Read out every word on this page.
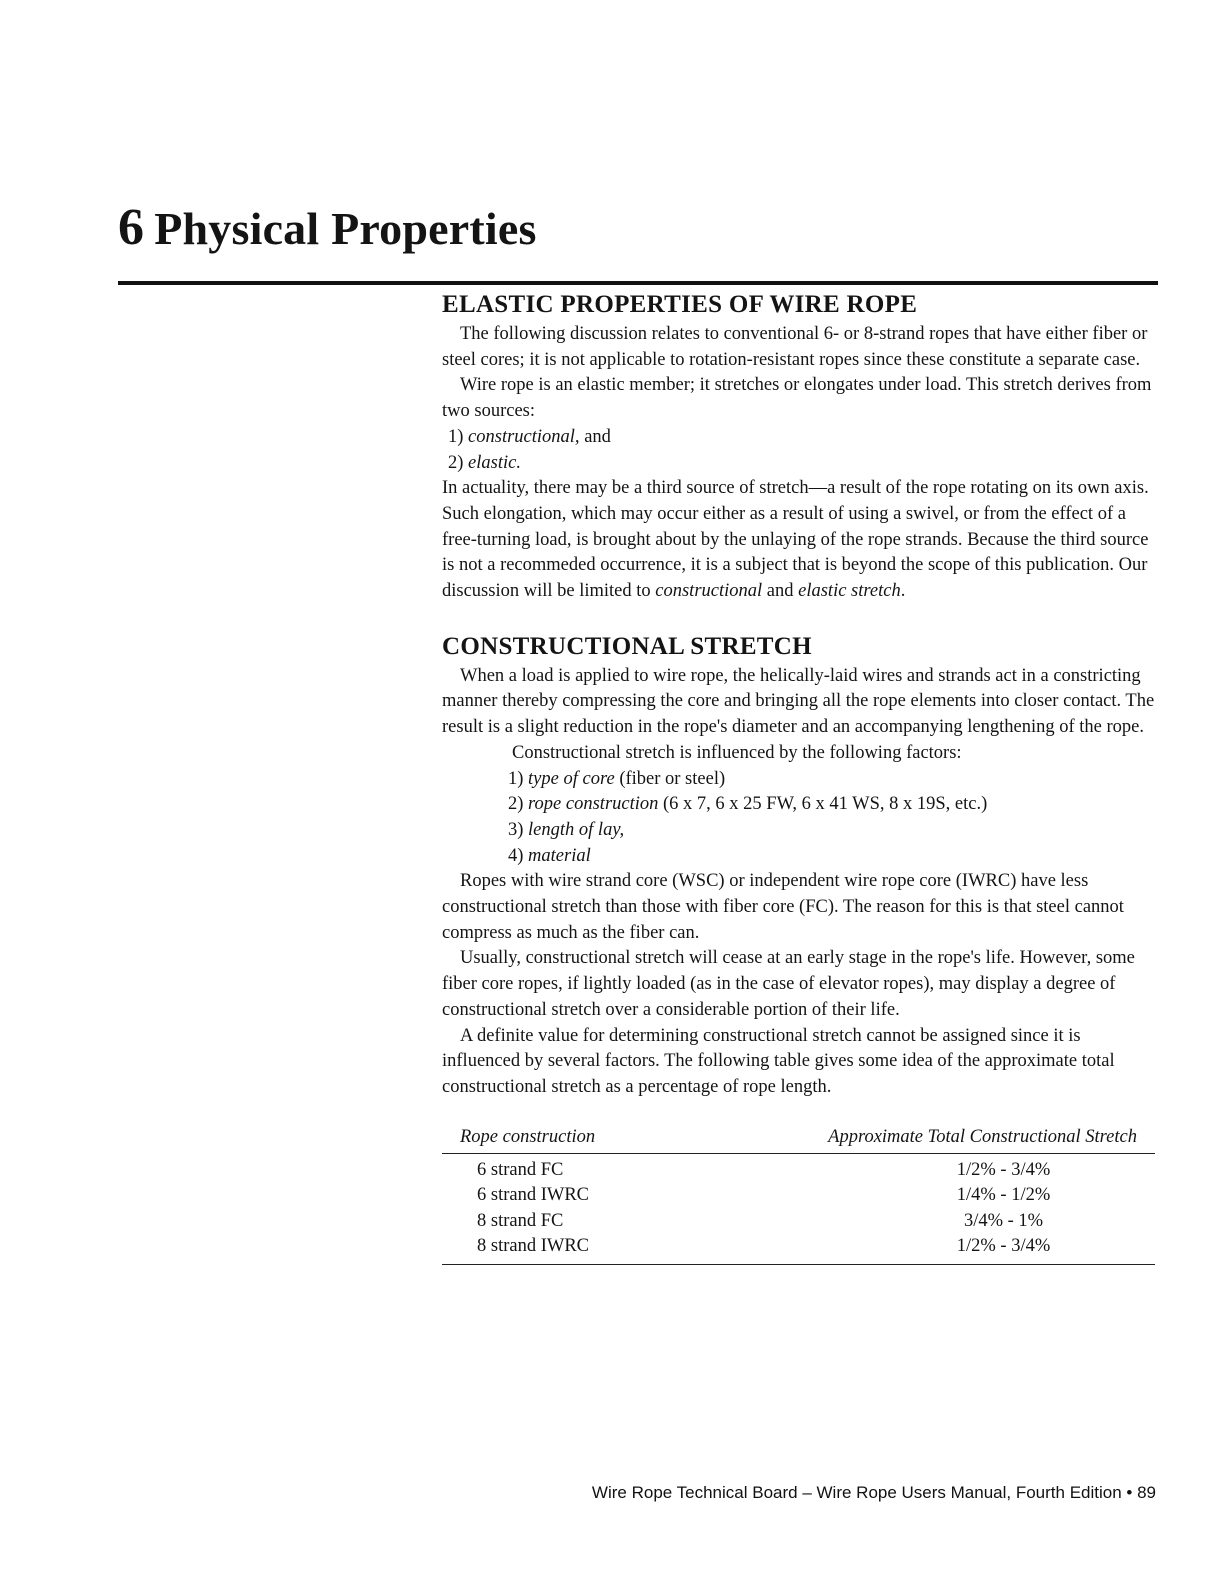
6 Physical Properties
ELASTIC PROPERTIES OF WIRE ROPE

The following discussion relates to conventional 6- or 8-strand ropes that have either fiber or steel cores; it is not applicable to rotation-resistant ropes since these constitute a separate case.

Wire rope is an elastic member; it stretches or elongates under load. This stretch derives from two sources:

1) constructional, and
2) elastic.

In actuality, there may be a third source of stretch—a result of the rope rotating on its own axis. Such elongation, which may occur either as a result of using a swivel, or from the effect of a free-turning load, is brought about by the unlaying of the rope strands. Because the third source is not a recommeded occurrence, it is a subject that is beyond the scope of this publication. Our discussion will be limited to constructional and elastic stretch.

CONSTRUCTIONAL STRETCH

When a load is applied to wire rope, the helically-laid wires and strands act in a constricting manner thereby compressing the core and bringing all the rope elements into closer contact. The result is a slight reduction in the rope's diameter and an accompanying lengthening of the rope.

Constructional stretch is influenced by the following factors:

1) type of core (fiber or steel)
2) rope construction (6 x 7, 6 x 25 FW, 6 x 41 WS, 8 x 19S, etc.)
3) length of lay,
4) material

Ropes with wire strand core (WSC) or independent wire rope core (IWRC) have less constructional stretch than those with fiber core (FC). The reason for this is that steel cannot compress as much as the fiber can.

Usually, constructional stretch will cease at an early stage in the rope's life. However, some fiber core ropes, if lightly loaded (as in the case of elevator ropes), may display a degree of constructional stretch over a considerable portion of their life.

A definite value for determining constructional stretch cannot be assigned since it is influenced by several factors. The following table gives some idea of the approximate total constructional stretch as a percentage of rope length.

Rope construction	Approximate Total Constructional Stretch
6 strand FC	1/2% - 3/4%
6 strand IWRC	1/4% - 1/2%
8 strand FC	3/4% - 1%
8 strand IWRC	1/2% - 3/4%
Wire Rope Technical Board – Wire Rope Users Manual, Fourth Edition • 89
